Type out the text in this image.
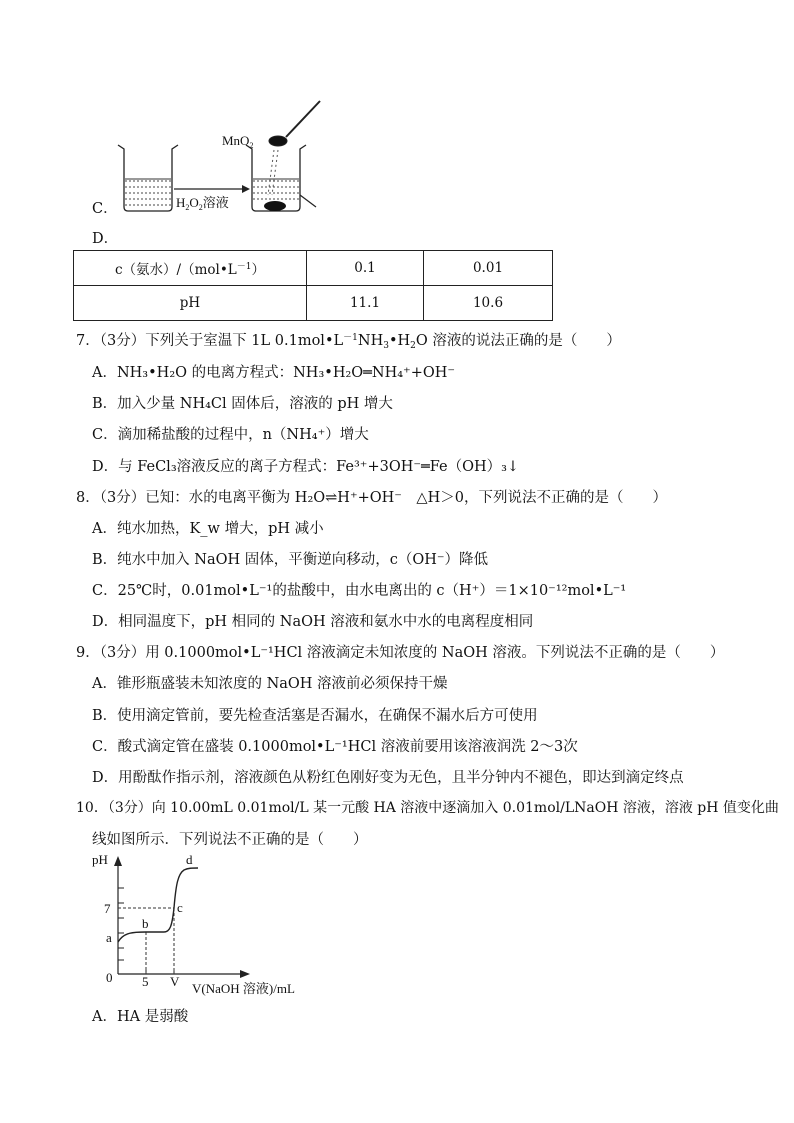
C．	$H_2O_2$溶液
MnO$_2$
D．
c（氨水）$/(mol•L^{-1})$	0.1	0.01
pH	11.1	10.6
7．（3分）下列关于室温下 1L $0.1mol•L^{-1}NH_3•H_2O$ 溶液的说法正确的是（　　）
A．NH₃•H₂O 的电离方程式：NH₃•H₂O═NH₄⁺+OH⁻
B．加入少量 NH₄Cl 固体后，溶液的 pH 增大
C．滴加稀盐酸的过程中，n（NH₄⁺）增大
D．与 FeCl₃溶液反应的离子方程式：Fe³⁺+3OH⁻═Fe（OH）₃↓
8．（3分）已知：水的电离平衡为 H₂O⇌H⁺+OH⁻　△H＞0，下列说法不正确的是（　　）
A．纯水加热，K_w 增大，pH 减小
B．纯水中加入 NaOH 固体，平衡逆向移动，c（OH⁻）降低
C．25℃时，0.01mol•L⁻¹的盐酸中，由水电离出的 c（H⁺）＝1×10⁻¹²mol•L⁻¹
D．相同温度下，pH 相同的 NaOH 溶液和氨水中水的电离程度相同
9．（3分）用 0.1000mol•L⁻¹HCl 溶液滴定未知浓度的 NaOH 溶液。下列说法不正确的是（　　）
A．锥形瓶盛装未知浓度的 NaOH 溶液前必须保持干燥
B．使用滴定管前，要先检查活塞是否漏水，在确保不漏水后方可使用
C．酸式滴定管在盛装 0.1000mol•L⁻¹HCl 溶液前要用该溶液润洗 2～3次
D．用酚酞作指示剂，溶液颜色从粉红色刚好变为无色，且半分钟内不褪色，即达到滴定终点
10．（3分）向 10.00mL 0.01mol/L 某一元酸 HA 溶液中逐滴加入 0.01mol/LNaOH 溶液，溶液 pH 值变化曲
线如图所示．下列说法不正确的是（　　）
pH
7
0 5 V
a
b
c
d
V(NaOH 溶液)/mL
A．HA 是弱酸
